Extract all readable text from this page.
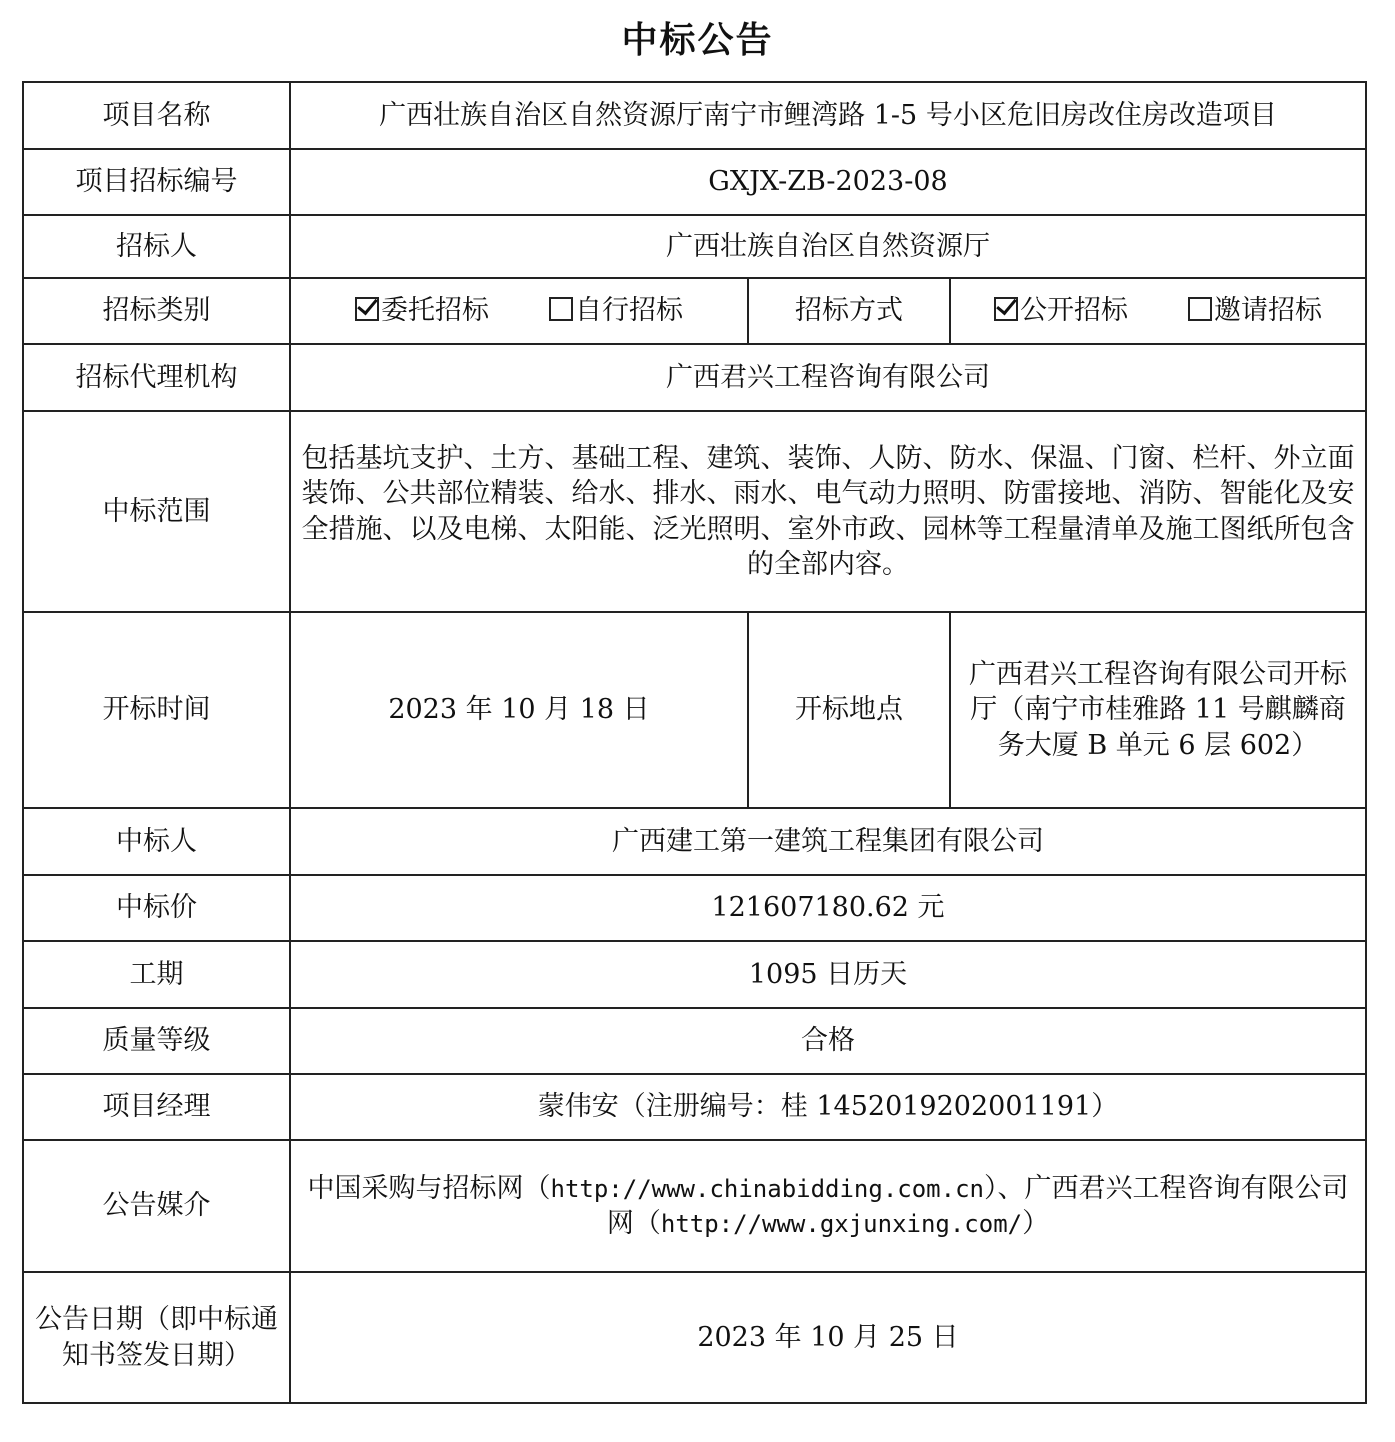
中标公告
项目名称	广西壮族自治区自然资源厅南宁市鲤湾路 1-5 号小区危旧房改住房改造项目		
项目招标编号	GXJX-ZB-2023-08		
招标人	广西壮族自治区自然资源厅		
招标类别	委托招标 自行招标	招标方式	公开招标 邀请招标
招标代理机构	广西君兴工程咨询有限公司		
中标范围	包括基坑支护、土方、基础工程、建筑、装饰、人防、防水、保温、门窗、栏杆、外立面装饰、公共部位精装、给水、排水、雨水、电气动力照明、防雷接地、消防、智能化及安全措施、以及电梯、太阳能、泛光照明、室外市政、园林等工程量清单及施工图纸所包含的全部内容。		
开标时间	2023 年 10 月 18 日	开标地点	广西君兴工程咨询有限公司开标厅（南宁市桂雅路 11 号麒麟商务大厦 B 单元 6 层 602）
中标人	广西建工第一建筑工程集团有限公司		
中标价	121607180.62 元		
工期	1095 日历天		
质量等级	合格		
项目经理	蒙伟安（注册编号：桂 1452019202001191）		
公告媒介	中国采购与招标网（http://www.chinabidding.com.cn）、广西君兴工程咨询有限公司网（http://www.gxjunxing.com/）		
公告日期（即中标通知书签发日期）	2023 年 10 月 25 日		
